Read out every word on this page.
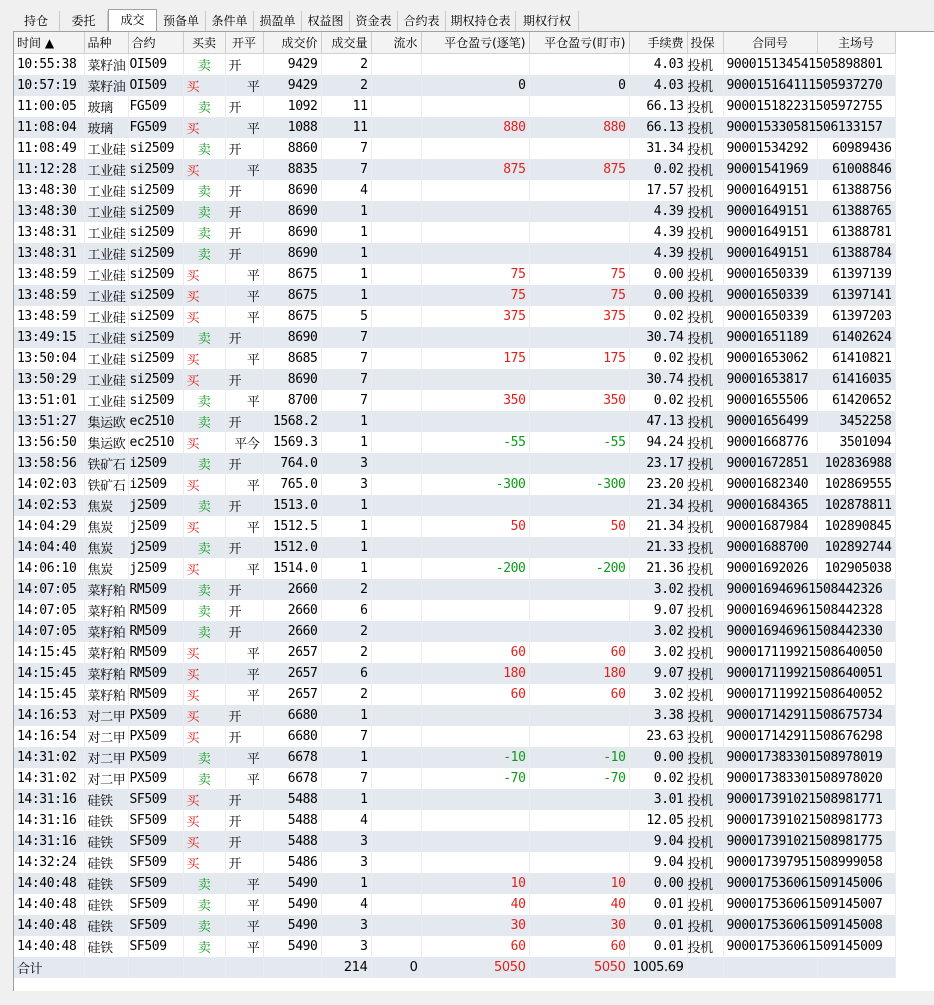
持仓	委托	成交	预备单	条件单 损盈单 权益图 资金表 合约表 期权持仓表	期权行权
时间 ▲	品种	合约	买卖	开平	成交价	成交量	流水	平仓盈亏(逐笔)	平仓盈亏(盯市)	手续费	投保	合同号	主场号
10:55:38	菜籽油	OI509	卖	开	9429	2				4.03	投机	900015134541505898801	
10:57:19	菜籽油	OI509	买	平	9429	2		0	0	4.03	投机	900015164111505937270	
11:00:05	玻璃	FG509	卖	开	1092	11				66.13	投机	900015182231505972755	
11:08:04	玻璃	FG509	买	平	1088	11		880	880	66.13	投机	900015330581506133157	
11:08:49	工业硅	si2509	卖	开	8860	7				31.34	投机	90001534292	60989436
11:12:28	工业硅	si2509	买	平	8835	7		875	875	0.02	投机	90001541969	61008846
13:48:30	工业硅	si2509	卖	开	8690	4				17.57	投机	90001649151	61388756
13:48:30	工业硅	si2509	卖	开	8690	1				4.39	投机	90001649151	61388765
13:48:31	工业硅	si2509	卖	开	8690	1				4.39	投机	90001649151	61388781
13:48:31	工业硅	si2509	卖	开	8690	1				4.39	投机	90001649151	61388784
13:48:59	工业硅	si2509	买	平	8675	1		75	75	0.00	投机	90001650339	61397139
13:48:59	工业硅	si2509	买	平	8675	1		75	75	0.00	投机	90001650339	61397141
13:48:59	工业硅	si2509	买	平	8675	5		375	375	0.02	投机	90001650339	61397203
13:49:15	工业硅	si2509	卖	开	8690	7				30.74	投机	90001651189	61402624
13:50:04	工业硅	si2509	买	平	8685	7		175	175	0.02	投机	90001653062	61410821
13:50:29	工业硅	si2509	买	开	8690	7				30.74	投机	90001653817	61416035
13:51:01	工业硅	si2509	卖	平	8700	7		350	350	0.02	投机	90001655506	61420652
13:51:27	集运欧	ec2510	卖	开	1568.2	1				47.13	投机	90001656499	3452258
13:56:50	集运欧	ec2510	买	平今	1569.3	1		-55	-55	94.24	投机	90001668776	3501094
13:58:56	铁矿石	i2509	卖	开	764.0	3				23.17	投机	90001672851	102836988
14:02:03	铁矿石	i2509	买	平	765.0	3		-300	-300	23.20	投机	90001682340	102869555
14:02:53	焦炭	j2509	卖	开	1513.0	1				21.34	投机	90001684365	102878811
14:04:29	焦炭	j2509	买	平	1512.5	1		50	50	21.34	投机	90001687984	102890845
14:04:40	焦炭	j2509	卖	开	1512.0	1				21.33	投机	90001688700	102892744
14:06:10	焦炭	j2509	买	平	1514.0	1		-200	-200	21.36	投机	90001692026	102905038
14:07:05	菜籽粕	RM509	卖	开	2660	2				3.02	投机	900016946961508442326	
14:07:05	菜籽粕	RM509	卖	开	2660	6				9.07	投机	900016946961508442328	
14:07:05	菜籽粕	RM509	卖	开	2660	2				3.02	投机	900016946961508442330	
14:15:45	菜籽粕	RM509	买	平	2657	2		60	60	3.02	投机	900017119921508640050	
14:15:45	菜籽粕	RM509	买	平	2657	6		180	180	9.07	投机	900017119921508640051	
14:15:45	菜籽粕	RM509	买	平	2657	2		60	60	3.02	投机	900017119921508640052	
14:16:53	对二甲	PX509	买	开	6680	1				3.38	投机	900017142911508675734	
14:16:54	对二甲	PX509	买	开	6680	7				23.63	投机	900017142911508676298	
14:31:02	对二甲	PX509	卖	平	6678	1		-10	-10	0.00	投机	900017383301508978019	
14:31:02	对二甲	PX509	卖	平	6678	7		-70	-70	0.02	投机	900017383301508978020	
14:31:16	硅铁	SF509	买	开	5488	1				3.01	投机	900017391021508981771	
14:31:16	硅铁	SF509	买	开	5488	4				12.05	投机	900017391021508981773	
14:31:16	硅铁	SF509	买	开	5488	3				9.04	投机	900017391021508981775	
14:32:24	硅铁	SF509	买	开	5486	3				9.04	投机	900017397951508999058	
14:40:48	硅铁	SF509	卖	平	5490	1		10	10	0.00	投机	900017536061509145006	
14:40:48	硅铁	SF509	卖	平	5490	4		40	40	0.01	投机	900017536061509145007	
14:40:48	硅铁	SF509	卖	平	5490	3		30	30	0.01	投机	900017536061509145008	
14:40:48	硅铁	SF509	卖	平	5490	3		60	60	0.01	投机	900017536061509145009	
合计						214	0	5050	5050	1005.69			
